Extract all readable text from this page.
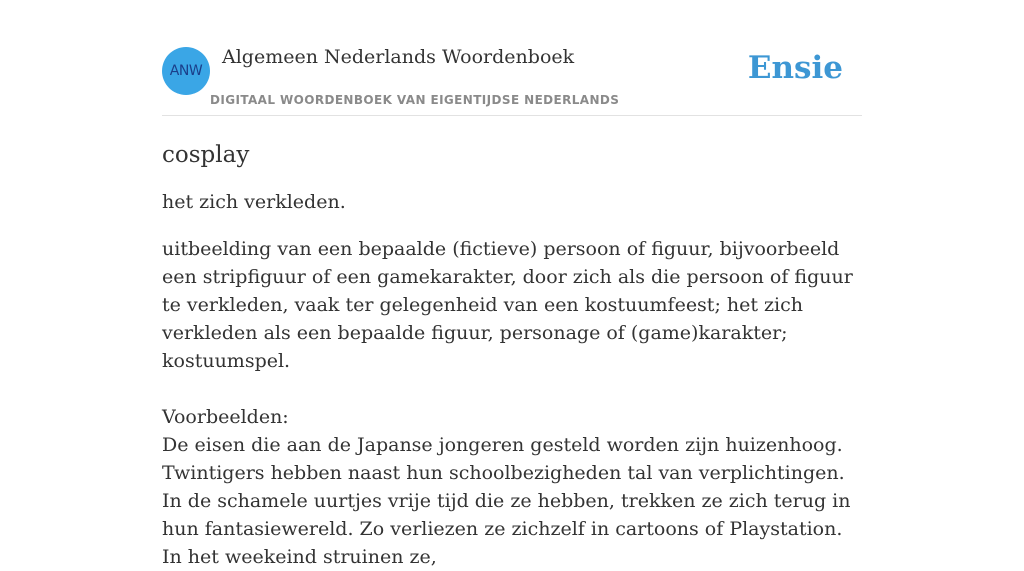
ANW
Algemeen Nederlands Woordenboek
DIGITAAL WOORDENBOEK VAN EIGENTIJDSE NEDERLANDS
Ensie
cosplay

het zich verkleden.

uitbeelding van een bepaalde (fictieve) persoon of figuur, bijvoorbeeld een stripfiguur of een gamekarakter, door zich als die persoon of figuur te verkleden, vaak ter gelegenheid van een kostuumfeest; het zich verkleden als een bepaalde figuur, personage of (game)karakter; kostuumspel.

Voorbeelden:

De eisen die aan de Japanse jongeren gesteld worden zijn huizenhoog. Twintigers hebben naast hun schoolbezigheden tal van verplichtingen. In de schamele uurtjes vrije tijd die ze hebben, trekken ze zich terug in hun fantasiewereld. Zo verliezen ze zichzelf in cartoons of Playstation. In het weekeind struinen ze,
